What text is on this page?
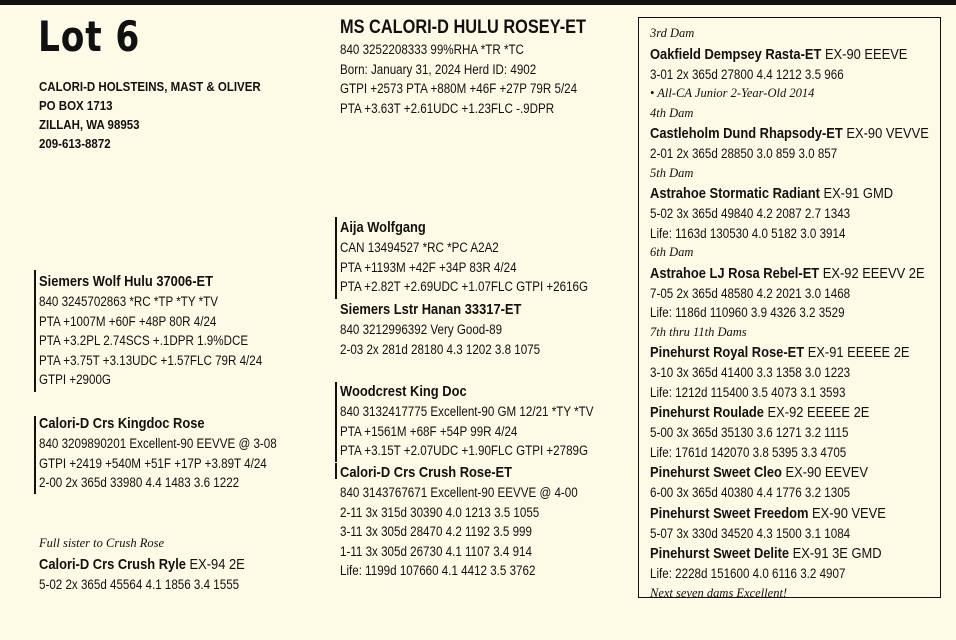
Lot 6
CALORI-D HOLSTEINS, MAST & OLIVER
PO BOX 1713
ZILLAH, WA 98953
209-613-8872
MS CALORI-D HULU ROSEY-ET
840 3252208333 99%RHA *TR *TC
Born: January 31, 2024 Herd ID: 4902
GTPI +2573 PTA +880M +46F +27P 79R 5/24
PTA +3.63T +2.61UDC +1.23FLC -.9DPR
Siemers Wolf Hulu 37006-ET
840 3245702863 *RC *TP *TY *TV
PTA +1007M +60F +48P 80R 4/24
PTA +3.2PL 2.74SCS +.1DPR 1.9%DCE
PTA +3.75T +3.13UDC +1.57FLC 79R 4/24
GTPI +2900G
Aija Wolfgang
CAN 13494527 *RC *PC A2A2
PTA +1193M +42F +34P 83R 4/24
PTA +2.82T +2.69UDC +1.07FLC GTPI +2616G
Siemers Lstr Hanan 33317-ET
840 3212996392 Very Good-89
2-03 2x 281d 28180 4.3 1202 3.8 1075
Calori-D Crs Kingdoc Rose
840 3209890201 Excellent-90 EEVVE @ 3-08
GTPI +2419 +540M +51F +17P +3.89T 4/24
2-00 2x 365d 33980 4.4 1483 3.6 1222
Woodcrest King Doc
840 3132417775 Excellent-90 GM 12/21 *TY *TV
PTA +1561M +68F +54P 99R 4/24
PTA +3.15T +2.07UDC +1.90FLC GTPI +2789G
Calori-D Crs Crush Rose-ET
840 3143767671 Excellent-90 EEVVE @ 4-00
2-11 3x 315d 30390 4.0 1213 3.5 1055
3-11 3x 305d 28470 4.2 1192 3.5 999
1-11 3x 305d 26730 4.1 1107 3.4 914
Life: 1199d 107660 4.1 4412 3.5 3762
Full sister to Crush Rose
Calori-D Crs Crush Ryle EX-94 2E
5-02 2x 365d 45564 4.1 1856 3.4 1555
3rd Dam
Oakfield Dempsey Rasta-ET EX-90 EEEVE
3-01 2x 365d 27800 4.4 1212 3.5 966
• All-CA Junior 2-Year-Old 2014
4th Dam
Castleholm Dund Rhapsody-ET EX-90 VEVVE
2-01 2x 365d 28850 3.0 859 3.0 857
5th Dam
Astrahoe Stormatic Radiant EX-91 GMD
5-02 3x 365d 49840 4.2 2087 2.7 1343
Life: 1163d 130530 4.0 5182 3.0 3914
6th Dam
Astrahoe LJ Rosa Rebel-ET EX-92 EEEVV 2E
7-05 2x 365d 48580 4.2 2021 3.0 1468
Life: 1186d 110960 3.9 4326 3.2 3529
7th thru 11th Dams
Pinehurst Royal Rose-ET EX-91 EEEEE 2E
3-10 3x 365d 41400 3.3 1358 3.0 1223
Life: 1212d 115400 3.5 4073 3.1 3593
Pinehurst Roulade EX-92 EEEEE 2E
5-00 3x 365d 35130 3.6 1271 3.2 1115
Life: 1761d 142070 3.8 5395 3.3 4705
Pinehurst Sweet Cleo EX-90 EEVEV
6-00 3x 365d 40380 4.4 1776 3.2 1305
Pinehurst Sweet Freedom EX-90 VEVE
5-07 3x 330d 34520 4.3 1500 3.1 1084
Pinehurst Sweet Delite EX-91 3E GMD
Life: 2228d 151600 4.0 6116 3.2 4907
Next seven dams Excellent!
